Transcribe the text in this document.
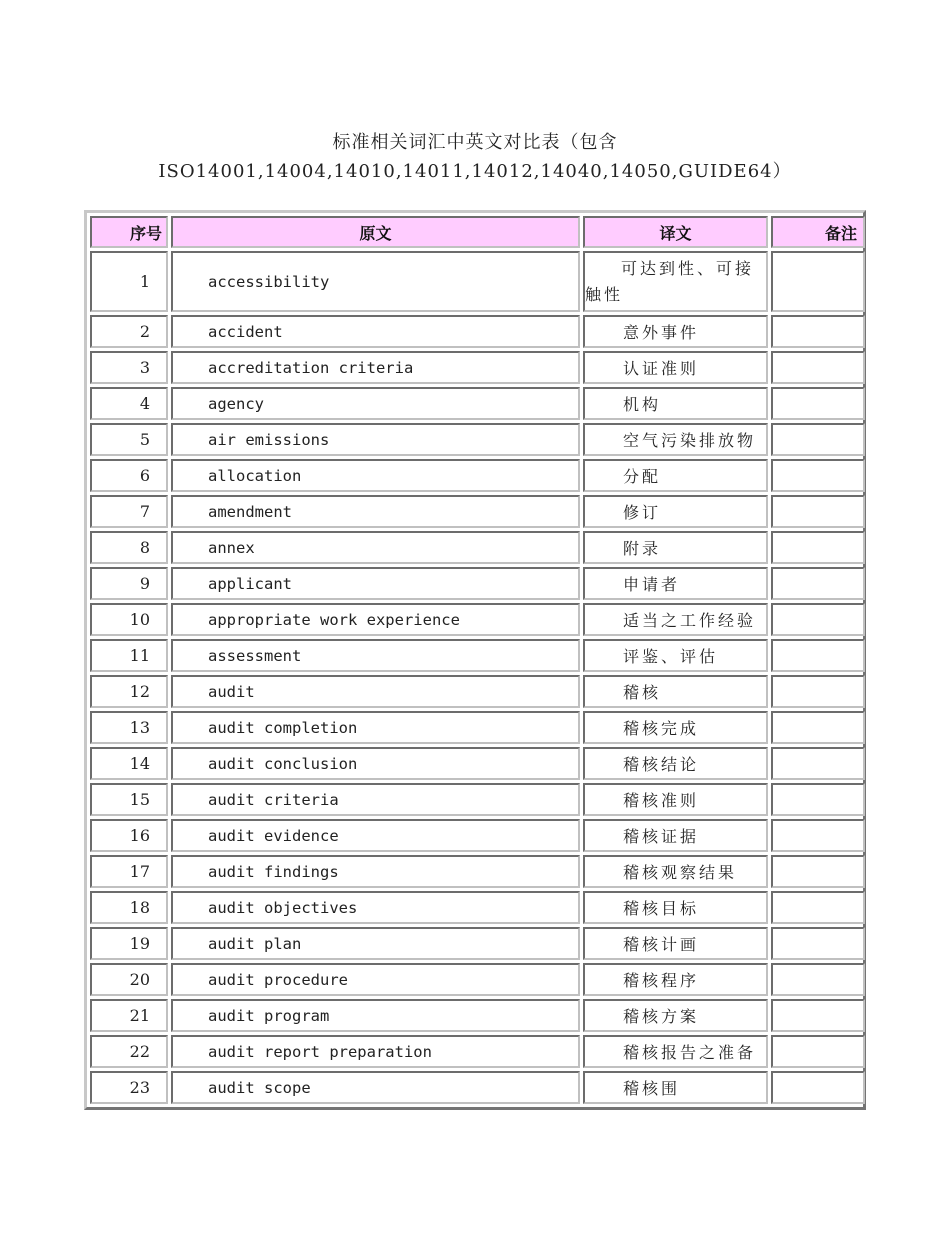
标准相关词汇中英文对比表（包含
ISO14001,14004,14010,14011,14012,14040,14050,GUIDE64）
序号	原文	译文	备注
1	accessibility	可达到性、可接触性	
2	accident	意外事件	
3	accreditation criteria	认证准则	
4	agency	机构	
5	air emissions	空气污染排放物	
6	allocation	分配	
7	amendment	修订	
8	annex	附录	
9	applicant	申请者	
10	appropriate work experience	适当之工作经验	
11	assessment	评鉴、评估	
12	audit	稽核	
13	audit completion	稽核完成	
14	audit conclusion	稽核结论	
15	audit criteria	稽核准则	
16	audit evidence	稽核证据	
17	audit findings	稽核观察结果	
18	audit objectives	稽核目标	
19	audit plan	稽核计画	
20	audit procedure	稽核程序	
21	audit program	稽核方案	
22	audit report preparation	稽核报告之准备	
23	audit scope	稽核围	
